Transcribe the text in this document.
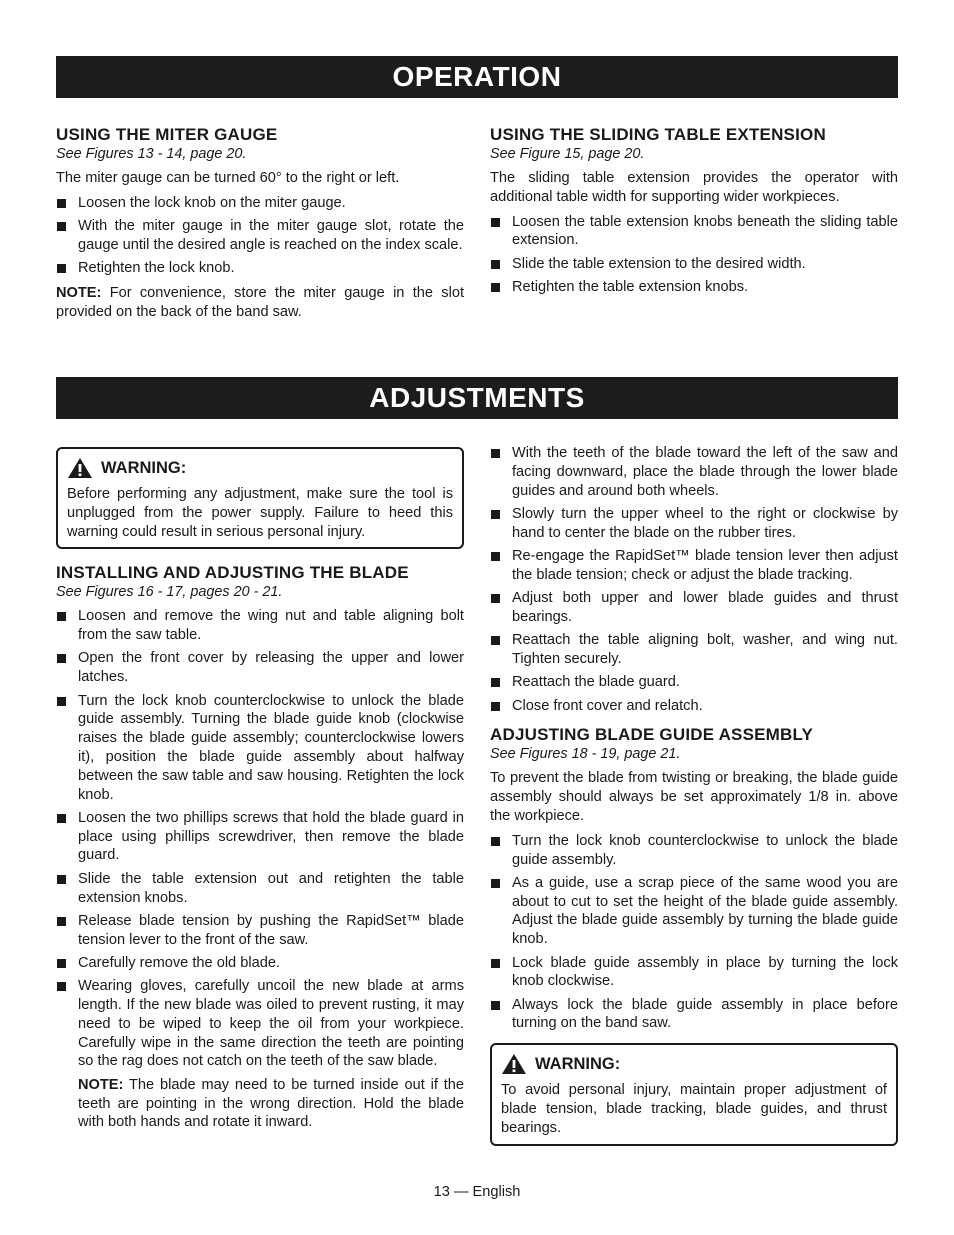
OPERATION

USING THE MITER GAUGE

See Figures 13 - 14, page 20.

The miter gauge can be turned 60° to the right or left.

Loosen the lock knob on the miter gauge.
With the miter gauge in the miter gauge slot, rotate the gauge until the desired angle is reached on the index scale.
Retighten the lock knob.

NOTE: For convenience, store the miter gauge in the slot provided on the back of the band saw.

USING THE SLIDING TABLE EXTENSION

See Figure 15, page 20.

The sliding table extension provides the operator with additional table width for supporting wider workpieces.

Loosen the table extension knobs beneath the sliding table extension.
Slide the table extension to the desired width.
Retighten the table extension knobs.
ADJUSTMENTS
WARNING:
Before performing any adjustment, make sure the tool is unplugged from the power supply. Failure to heed this warning could result in serious personal injury.

INSTALLING AND ADJUSTING THE BLADE

See Figures 16 - 17, pages 20 - 21.

Loosen and remove the wing nut and table aligning bolt from the saw table.
Open the front cover by releasing the upper and lower latches.
Turn the lock knob counterclockwise to unlock the blade guide assembly. Turning the blade guide knob (clockwise raises the blade guide assembly; counterclockwise lowers it), position the blade guide assembly about halfway between the saw table and saw housing. Retighten the lock knob.
Loosen the two phillips screws that hold the blade guard in place using phillips screwdriver, then remove the blade guard.
Slide the table extension out and retighten the table extension knobs.
Release blade tension by pushing the RapidSet™ blade tension lever to the front of the saw.
Carefully remove the old blade.
Wearing gloves, carefully uncoil the new blade at arms length. If the new blade was oiled to prevent rusting, it may need to be wiped to keep the oil from your workpiece. Carefully wipe in the same direction the teeth are pointing so the rag does not catch on the teeth of the saw blade.

NOTE: The blade may need to be turned inside out if the teeth are pointing in the wrong direction. Hold the blade with both hands and rotate it inward.

With the teeth of the blade toward the left of the saw and facing downward, place the blade through the lower blade guides and around both wheels.
Slowly turn the upper wheel to the right or clockwise by hand to center the blade on the rubber tires.
Re-engage the RapidSet™ blade tension lever then adjust the blade tension; check or adjust the blade tracking.
Adjust both upper and lower blade guides and thrust bearings.
Reattach the table aligning bolt, washer, and wing nut. Tighten securely.
Reattach the blade guard.
Close front cover and relatch.

ADJUSTING BLADE GUIDE ASSEMBLY

See Figures 18 - 19, page 21.

To prevent the blade from twisting or breaking, the blade guide assembly should always be set approximately 1/8 in. above the workpiece.

Turn the lock knob counterclockwise to unlock the blade guide assembly.
As a guide, use a scrap piece of the same wood you are about to cut to set the height of the blade guide assembly. Adjust the blade guide assembly by turning the blade guide knob.
Lock blade guide assembly in place by turning the lock knob clockwise.
Always lock the blade guide assembly in place before turning on the band saw.
WARNING:
To avoid personal injury, maintain proper adjustment of blade tension, blade tracking, blade guides, and thrust bearings.
13 — English
